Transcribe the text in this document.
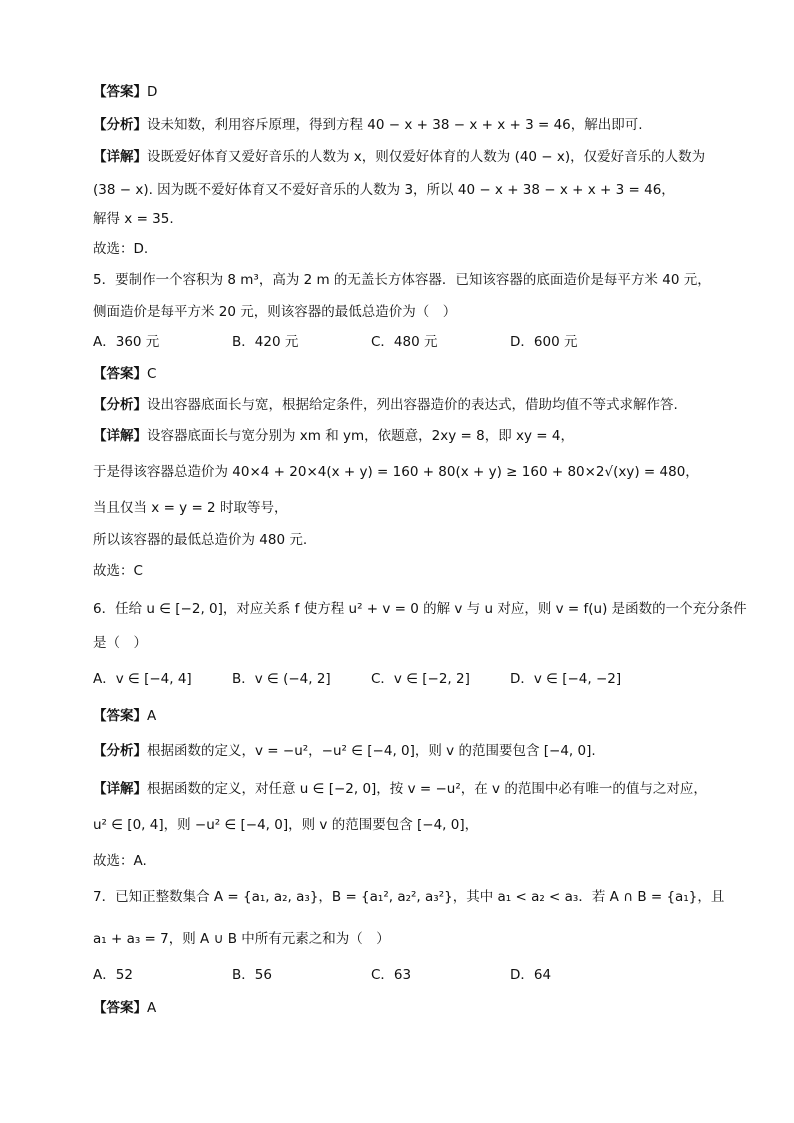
【答案】D
【分析】设未知数，利用容斥原理，得到方程 40 − x + 38 − x + x + 3 = 46，解出即可.
【详解】设既爱好体育又爱好音乐的人数为 x，则仅爱好体育的人数为 (40 − x)，仅爱好音乐的人数为
(38 − x). 因为既不爱好体育又不爱好音乐的人数为 3，所以 40 − x + 38 − x + x + 3 = 46，
解得 x = 35.
故选：D.
5．要制作一个容积为 8 m³，高为 2 m 的无盖长方体容器．已知该容器的底面造价是每平方米 40 元，
侧面造价是每平方米 20 元，则该容器的最低总造价为（　）
A．360 元	B．420 元	C．480 元	D．600 元
【答案】C
【分析】设出容器底面长与宽，根据给定条件，列出容器造价的表达式，借助均值不等式求解作答.
【详解】设容器底面长与宽分别为 xm 和 ym，依题意，2xy = 8，即 xy = 4，
于是得该容器总造价为 40×4 + 20×4(x + y) = 160 + 80(x + y) ≥ 160 + 80×2√(xy) = 480，
当且仅当 x = y = 2 时取等号，
所以该容器的最低总造价为 480 元.
故选：C
6．任给 u ∈ [−2, 0]，对应关系 f 使方程 u² + v = 0 的解 v 与 u 对应，则 v = f(u) 是函数的一个充分条件
是（　）
A．v ∈ [−4, 4]	B．v ∈ (−4, 2]	C．v ∈ [−2, 2]	D．v ∈ [−4, −2]
【答案】A
【分析】根据函数的定义，v = −u²，−u² ∈ [−4, 0]，则 v 的范围要包含 [−4, 0].
【详解】根据函数的定义，对任意 u ∈ [−2, 0]，按 v = −u²，在 v 的范围中必有唯一的值与之对应，
u² ∈ [0, 4]，则 −u² ∈ [−4, 0]，则 v 的范围要包含 [−4, 0]，
故选：A.
7．已知正整数集合 A = {a₁, a₂, a₃}，B = {a₁², a₂², a₃²}，其中 a₁ < a₂ < a₃．若 A ∩ B = {a₁}，且
a₁ + a₃ = 7，则 A ∪ B 中所有元素之和为（　）
A．52	B．56	C．63	D．64
【答案】A
